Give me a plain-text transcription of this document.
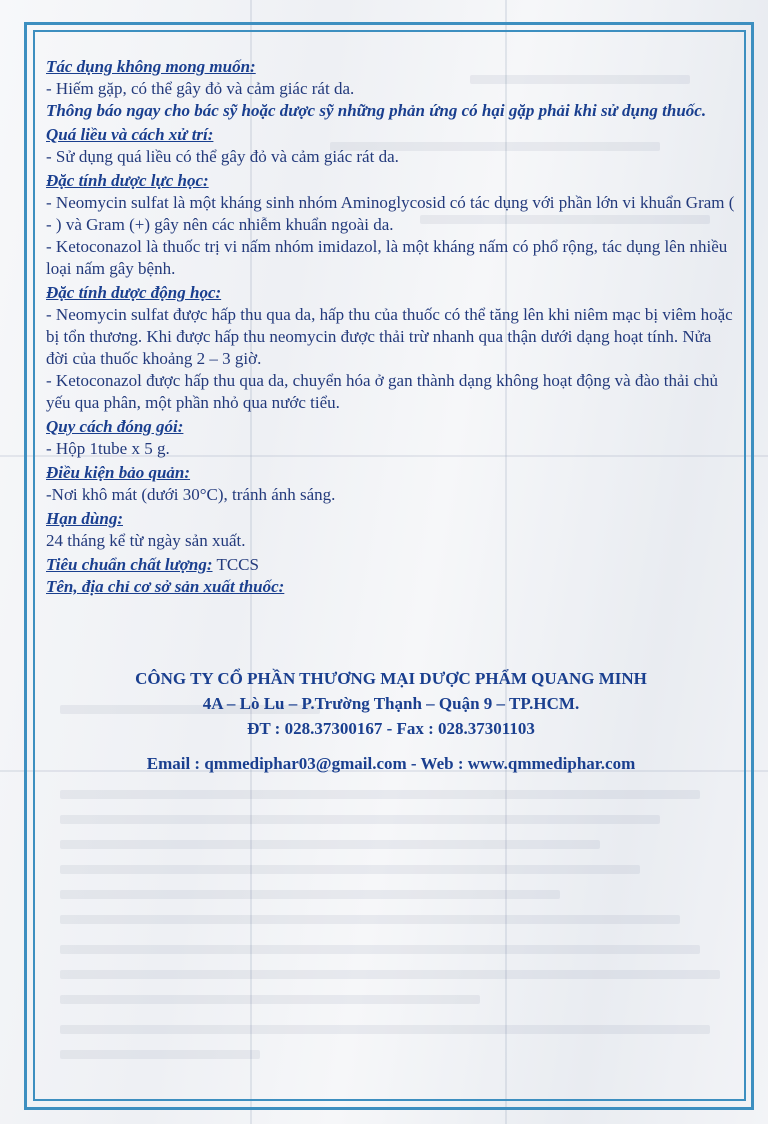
Tác dụng không mong muốn:

- Hiếm gặp, có thể gây đỏ và cảm giác rát da.

Thông báo ngay cho bác sỹ hoặc dược sỹ những phản ứng có hại gặp phải khi sử dụng thuốc.

Quá liều và cách xử trí:

- Sử dụng quá liều có thể gây đỏ và cảm giác rát da.

Đặc tính dược lực học:

- Neomycin sulfat là một kháng sinh nhóm Aminoglycosid có tác dụng với phần lớn vi khuẩn Gram ( - ) và Gram (+) gây nên các nhiễm khuẩn ngoài da.

- Ketoconazol là thuốc trị vi nấm nhóm imidazol, là một kháng nấm có phổ rộng, tác dụng lên nhiều loại nấm gây bệnh.

Đặc tính dược động học:

- Neomycin sulfat được hấp thu qua da, hấp thu của thuốc có thể tăng lên khi niêm mạc bị viêm hoặc bị tổn thương. Khi được hấp thu neomycin được thải trừ nhanh qua thận dưới dạng hoạt tính. Nửa đời của thuốc khoảng 2 – 3 giờ.

- Ketoconazol được hấp thu qua da, chuyển hóa ở gan thành dạng không hoạt động và đào thải chủ yếu qua phân, một phần nhỏ qua nước tiểu.

Quy cách đóng gói:

- Hộp 1tube x 5 g.

Điều kiện bảo quản:

-Nơi khô mát (dưới 30°C), tránh ánh sáng.

Hạn dùng:

24 tháng kể từ ngày sản xuất.

Tiêu chuẩn chất lượng: TCCS

Tên, địa chỉ cơ sở sản xuất thuốc:

CÔNG TY CỔ PHẦN THƯƠNG MẠI DƯỢC PHẨM QUANG MINH

4A – Lò Lu – P.Trường Thạnh – Quận 9 – TP.HCM.

ĐT : 028.37300167 - Fax : 028.37301103

Email : qmmediphar03@gmail.com - Web : www.qmmediphar.com
